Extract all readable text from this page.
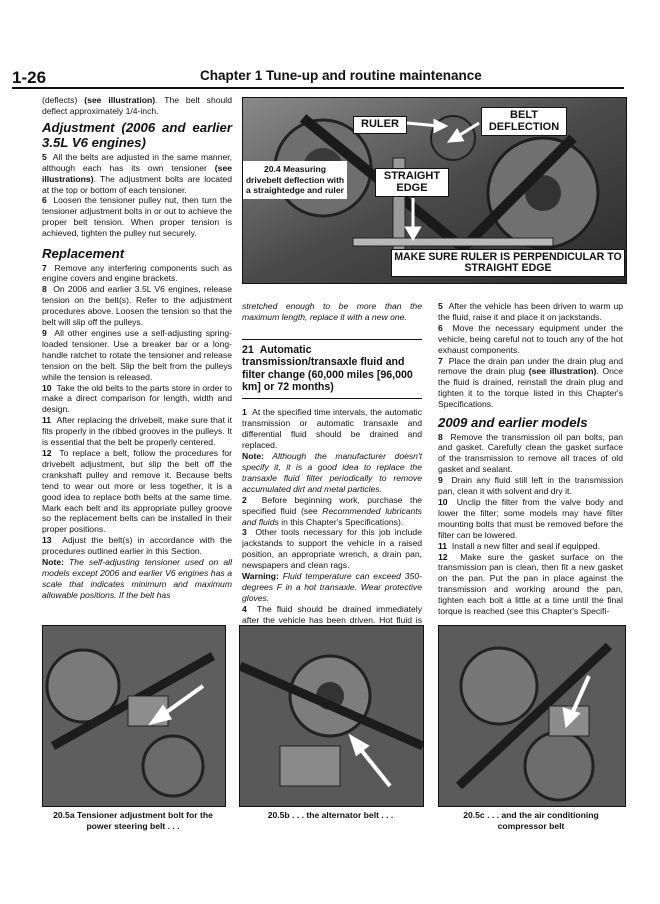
1-26	Chapter 1 Tune-up and routine maintenance

(deflects) (see illustration). The belt should deflect approximately 1/4-inch.

Adjustment (2006 and earlier 3.5L V6 engines)

5 All the belts are adjusted in the same manner, although each has its own tensioner (see illustrations). The adjustment bolts are located at the top or bottom of each tensioner.

6 Loosen the tensioner pulley nut, then turn the tensioner adjustment bolts in or out to achieve the proper belt tension. When proper tension is achieved, tighten the pulley nut securely.

Replacement

7 Remove any interfering components such as engine covers and engine brackets.

8 On 2006 and earlier 3.5L V6 engines, release tension on the belt(s). Refer to the adjustment procedures above. Loosen the tension so that the belt will slip off the pulleys.

9 All other engines use a self-adjusting spring-loaded tensioner. Use a breaker bar or a long-handle ratchet to rotate the tensioner and release tension on the belt. Slip the belt from the pulleys while the tension is released.

10 Take the old belts to the parts store in order to make a direct comparison for length, width and design.

11 After replacing the drivebelt, make sure that it fits properly in the ribbed grooves in the pulleys. It is essential that the belt be properly centered.

12 To replace a belt, follow the procedures for drivebelt adjustment, but slip the belt off the crankshaft pulley and remove it. Because belts tend to wear out more or less together, it is a good idea to replace both belts at the same time. Mark each belt and its appropriate pulley groove so the replacement belts can be installed in their proper positions.

13 Adjust the belt(s) in accordance with the procedures outlined earlier in this Section.

Note: The self-adjusting tensioner used on all models except 2006 and earlier V6 engines has a scale that indicates minimum and maximum allowable positions. If the belt has

20.4 Measuring drivebelt deflection with a straightedge and ruler
RULER
BELT DEFLECTION
STRAIGHT EDGE
MAKE SURE RULER IS PERPENDICULAR TO STRAIGHT EDGE

stretched enough to be more than the maximum length, replace it with a new one.

21 Automatic transmission/transaxle fluid and filter change (60,000 miles [96,000 km] or 72 months)

1 At the specified time intervals, the automatic transmission or automatic transaxle and differential fluid should be drained and replaced.

Note: Although the manufacturer doesn't specify it, it is a good idea to replace the transaxle fluid filter periodically to remove accumulated dirt and metal particles.

2 Before beginning work, purchase the specified fluid (see Recommended lubricants and fluids in this Chapter's Specifications).

3 Other tools necessary for this job include jackstands to support the vehicle in a raised position, an appropriate wrench, a drain pan, newspapers and clean rags.

Warning: Fluid temperature can exceed 350-degrees F in a hot transaxle. Wear protective gloves.

4 The fluid should be drained immediately after the vehicle has been driven. Hot fluid is

5 After the vehicle has been driven to warm up the fluid, raise it and place it on jackstands.

6 Move the necessary equipment under the vehicle, being careful not to touch any of the hot exhaust components.

7 Place the drain pan under the drain plug and remove the drain plug (see illustration). Once the fluid is drained, reinstall the drain plug and tighten it to the torque listed in this Chapter's Specifications.

2009 and earlier models

8 Remove the transmission oil pan bolts, pan and gasket. Carefully clean the gasket surface of the transmission to remove all traces of old gasket and sealant.

9 Drain any fluid still left in the transmission pan, clean it with solvent and dry it.

10 Unclip the filter from the valve body and lower the filter; some models may have filter mounting bolts that must be removed before the filter can be lowered.

11 Install a new filter and seal if equipped.

12 Make sure the gasket surface on the transmission pan is clean, then fit a new gasket on the pan. Put the pan in place against the transmission and working around the pan, tighten each bolt a little at a time until the final torque is reached (see this Chapter's Specifi-

20.5a Tensioner adjustment bolt for the power steering belt . . .
20.5b . . . the alternator belt . . .	20.5c . . . and the air conditioning compressor belt
